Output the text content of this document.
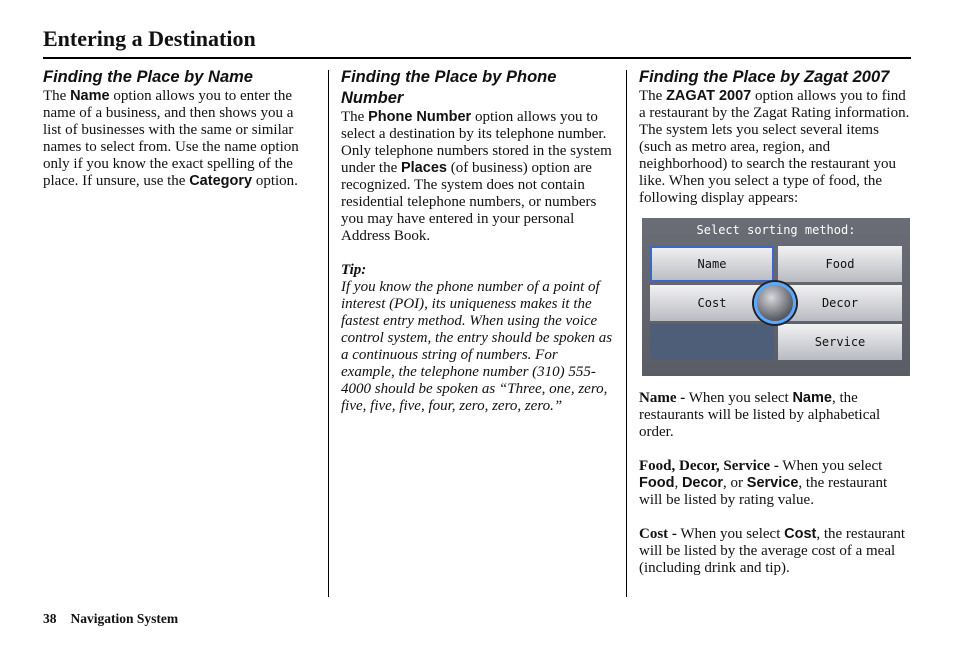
Entering a Destination
Finding the Place by Name

The Name option allows you to enter the name of a business, and then shows you a list of businesses with the same or similar names to select from. Use the name option only if you know the exact spelling of the place. If unsure, use the Category option.

Finding the Place by Phone Number

The Phone Number option allows you to select a destination by its telephone number. Only telephone numbers stored in the system under the Places (of business) option are recognized. The system does not contain residential telephone numbers, or numbers you may have entered in your personal Address Book.

Tip:

If you know the phone number of a point of interest (POI), its uniqueness makes it the fastest entry method. When using the voice control system, the entry should be spoken as a continuous string of numbers. For example, the telephone number (310) 555-4000 should be spoken as “Three, one, zero, five, five, five, four, zero, zero, zero.”

Finding the Place by Zagat 2007

The ZAGAT 2007 option allows you to find a restaurant by the Zagat Rating information.

The system lets you select several items (such as metro area, region, and neighborhood) to search the restaurant you like. When you select a type of food, the following display appears:

Select sorting method:
Name	Food
Cost	Decor
Service

Name - When you select Name, the restaurants will be listed by alphabetical order.

Food, Decor, Service - When you select Food, Decor, or Service, the restaurant will be listed by rating value.

Cost - When you select Cost, the restaurant will be listed by the average cost of a meal (including drink and tip).

38 Navigation System
